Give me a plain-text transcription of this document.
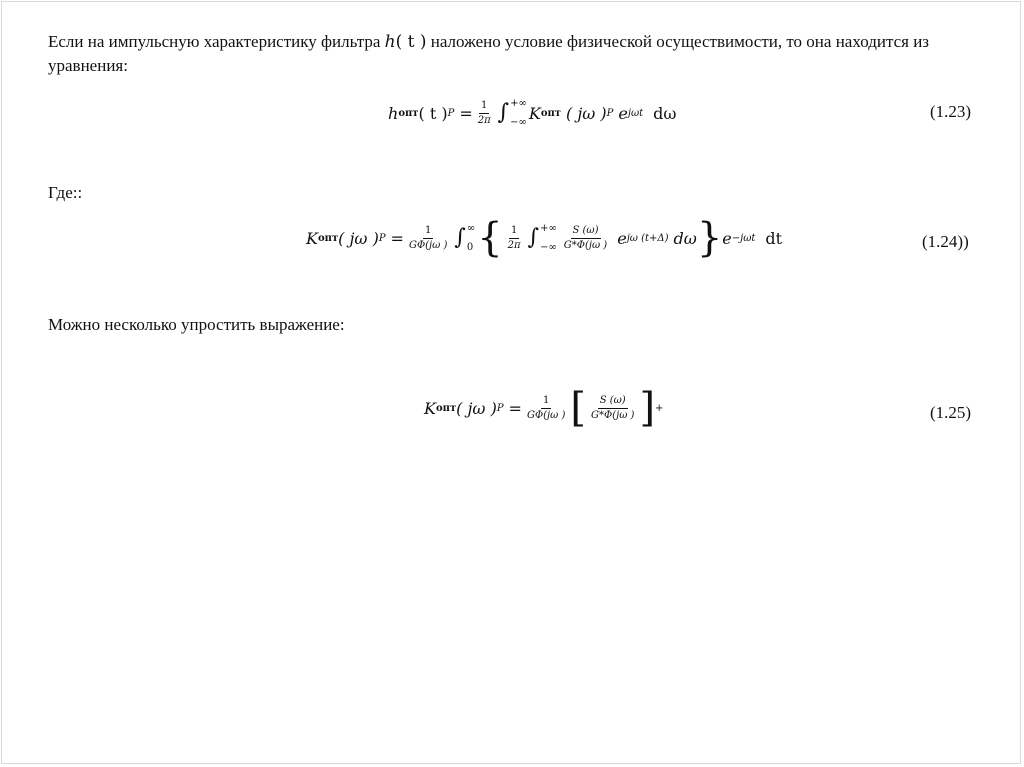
Если на импульсную характеристику фильтра h( t ) наложено условие физической осуществимости, то она находится из уравнения:

h опт ( t ) $P = \frac{1}{2\pi}$ ∫ +∞
−∞ K опт ( jω ) P e jωt dω	(1.23)

Где::

K опт ( jω ) $P = \frac{1}{G\Phi(j\omega )}$ ∫ ∞
0 { $\frac{1}{2\pi}$ ∫ +∞
−∞ $\frac{S (\omega)}{G*\Phi(j\omega )}$ e jω (t+Δ) dω } e −jωt dt	(1.24))

Можно несколько упростить выражение:

K опт ( jω ) $P = \frac{1}{G\Phi(j\omega )}$ [ $\frac{S (\omega)}{G*\Phi(j\omega )}$ ] +	(1.25)
